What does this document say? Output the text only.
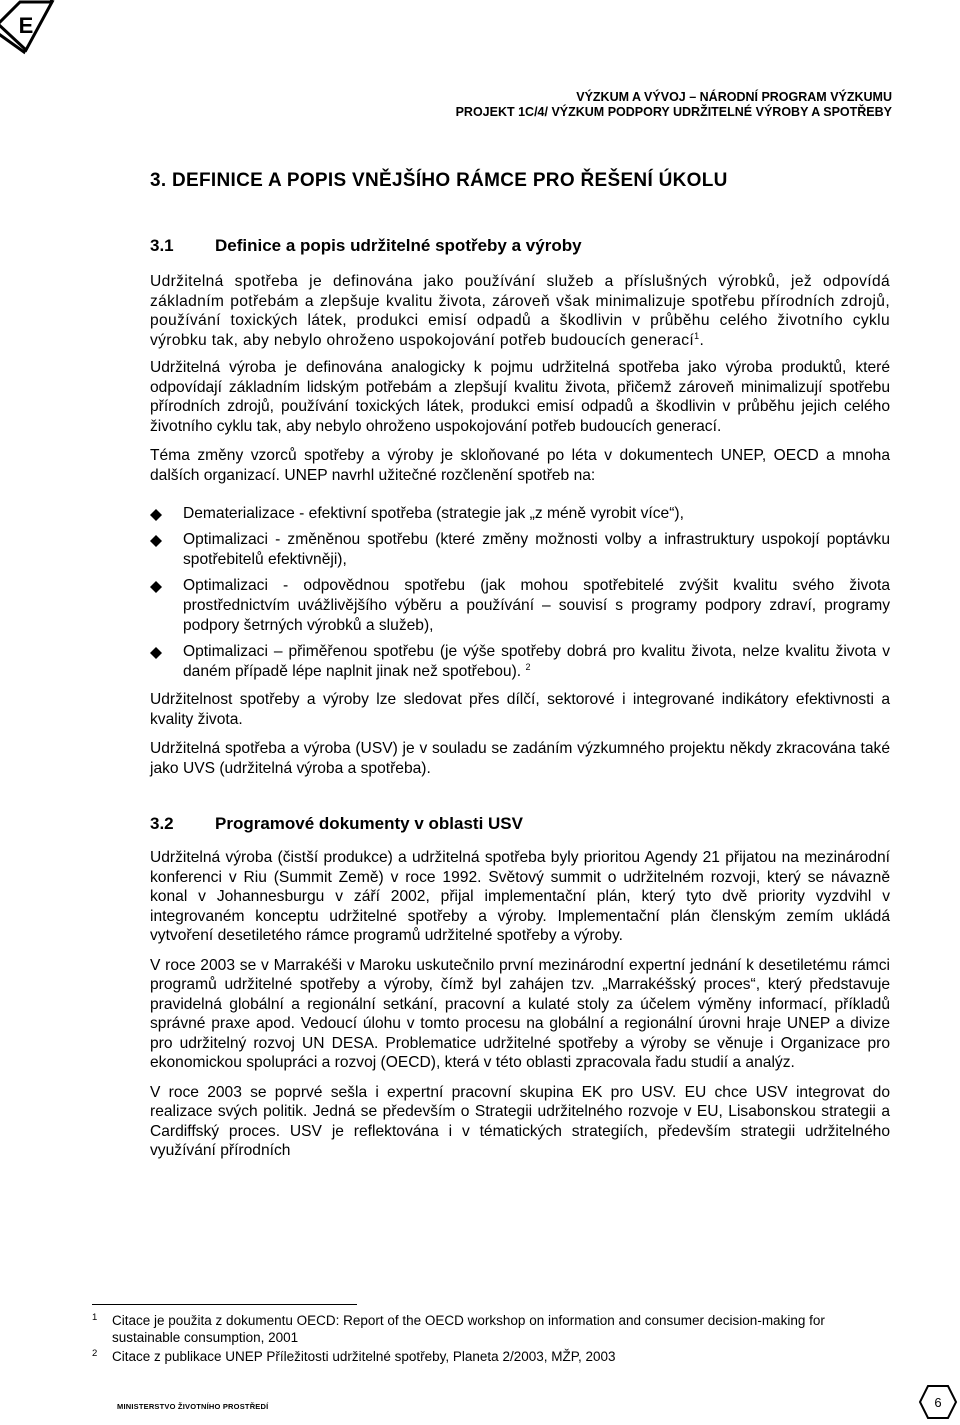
E
VÝZKUM A VÝVOJ – NÁRODNÍ PROGRAM VÝZKUMU
PROJEKT 1C/4/ VÝZKUM PODPORY UDRŽITELNÉ VÝROBY A SPOTŘEBY
3. DEFINICE A POPIS VNĚJŠÍHO RÁMCE PRO ŘEŠENÍ ÚKOLU
3.1	Definice a popis udržitelné spotřeby a výroby

Udržitelná spotřeba je definována jako používání služeb a příslušných výrobků, jež odpovídá základním potřebám a zlepšuje kvalitu života, zároveň však minimalizuje spotřebu přírodních zdrojů, používání toxických látek, produkci emisí odpadů a škodlivin v průběhu celého životního cyklu výrobku tak, aby nebylo ohroženo uspokojování potřeb budoucích generací$^1$.

Udržitelná výroba je definována analogicky k pojmu udržitelná spotřeba jako výroba produktů, které odpovídají základním lidským potřebám a zlepšují kvalitu života, přičemž zároveň minimalizují spotřebu přírodních zdrojů, používání toxických látek, produkci emisí odpadů a škodlivin v průběhu jejich celého životního cyklu tak, aby nebylo ohroženo uspokojování potřeb budoucích generací.

Téma změny vzorců spotřeby a výroby je skloňované po léta v dokumentech UNEP, OECD a mnoha dalších organizací. UNEP navrhl užitečné rozčlenění spotřeb na:

Dematerializace - efektivní spotřeba (strategie jak „z méně vyrobit více“),
Optimalizaci - změněnou spotřebu (které změny možnosti volby a infrastruktury uspokojí poptávku spotřebitelů efektivněji),
Optimalizaci - odpovědnou spotřebu (jak mohou spotřebitelé zvýšit kvalitu svého života prostřednictvím uvážlivějšího výběru a používání – souvisí s programy podpory zdraví, programy podpory šetrných výrobků a služeb),
Optimalizaci – přiměřenou spotřebu (je výše spotřeby dobrá pro kvalitu života, nelze kvalitu života v daném případě lépe naplnit jinak než spotřebou). $^2$

Udržitelnost spotřeby a výroby lze sledovat přes dílčí, sektorové i integrované indikátory efektivnosti a kvality života.

Udržitelná spotřeba a výroba (USV) je v souladu se zadáním výzkumného projektu někdy zkracována také jako UVS (udržitelná výroba a spotřeba).

3.2	Programové dokumenty v oblasti USV

Udržitelná výroba (čistší produkce) a udržitelná spotřeba byly prioritou Agendy 21 přijatou na mezinárodní konferenci v Riu (Summit Země) v roce 1992. Světový summit o udržitelném rozvoji, který se návazně konal v Johannesburgu v září 2002, přijal implementační plán, který tyto dvě priority vyzdvihl v integrovaném konceptu udržitelné spotřeby a výroby. Implementační plán členským zemím ukládá vytvoření desetiletého rámce programů udržitelné spotřeby a výroby.

V roce 2003 se v Marrakéši v Maroku uskutečnilo první mezinárodní expertní jednání k desetiletému rámci programů udržitelné spotřeby a výroby, čímž byl zahájen tzv. „Marrakéšský proces“, který představuje pravidelná globální a regionální setkání, pracovní a kulaté stoly za účelem výměny informací, příkladů správné praxe apod. Vedoucí úlohu v tomto procesu na globální a regionální úrovni hraje UNEP a divize pro udržitelný rozvoj UN DESA. Problematice udržitelné spotřeby a výroby se věnuje i Organizace pro ekonomickou spolupráci a rozvoj (OECD), která v této oblasti zpracovala řadu studií a analýz.

V roce 2003 se poprvé sešla i expertní pracovní skupina EK pro USV. EU chce USV integrovat do realizace svých politik. Jedná se především o Strategii udržitelného rozvoje v EU, Lisabonskou strategii a Cardiffský proces. USV je reflektována i v tématických strategiích, především strategii udržitelného využívání přírodních

1 Citace je použita z dokumentu OECD: Report of the OECD workshop on information and consumer decision-making for sustainable consumption, 2001
2 Citace z publikace UNEP Příležitosti udržitelné spotřeby, Planeta 2/2003, MŽP, 2003
MINISTERSTVO ŽIVOTNÍHO PROSTŘEDÍ	6
